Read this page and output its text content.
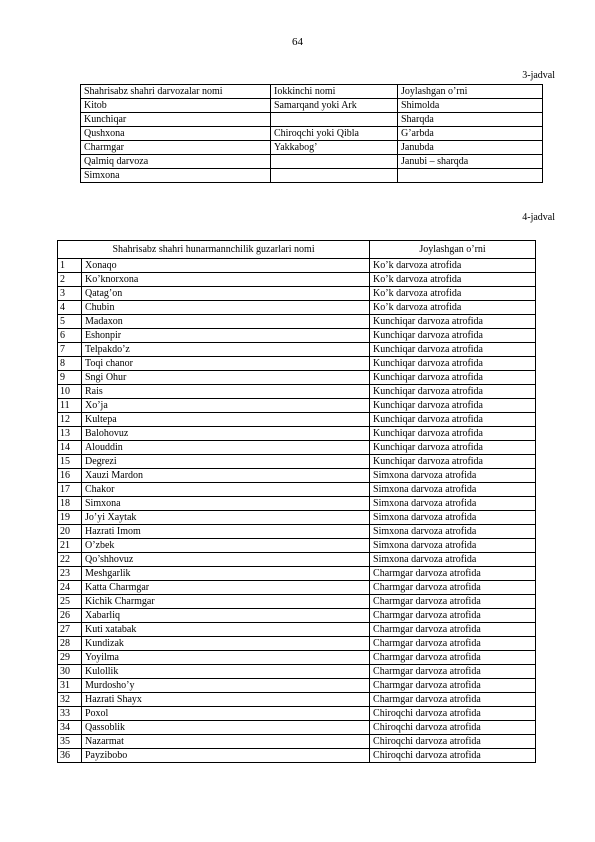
64
3-jadval
Shahrisabz shahri darvozalar nomi	Iokkinchi nomi	Joylashgan o’rni
Kitob	Samarqand yoki Ark	Shimolda
Kunchiqar		Sharqda
Qushxona	Chiroqchi yoki Qibla	G’arbda
Charmgar	Yakkabog’	Janubda
Qalmiq darvoza		Janubi – sharqda
Simxona		
4-jadval
Shahrisabz shahri hunarmannchilik guzarlari nomi		Joylashgan o’rni
1	Xonaqo	Ko’k darvoza atrofida
2	Ko’knorxona	Ko’k darvoza atrofida
3	Qatag’on	Ko’k darvoza atrofida
4	Chubin	Ko’k darvoza atrofida
5	Madaxon	Kunchiqar darvoza atrofida
6	Eshonpir	Kunchiqar darvoza atrofida
7	Telpakdo’z	Kunchiqar darvoza atrofida
8	Toqi chanor	Kunchiqar darvoza atrofida
9	Sngi Ohur	Kunchiqar darvoza atrofida
10	Rais	Kunchiqar darvoza atrofida
11	Xo’ja	Kunchiqar darvoza atrofida
12	Kultepa	Kunchiqar darvoza atrofida
13	Balohovuz	Kunchiqar darvoza atrofida
14	Alouddin	Kunchiqar darvoza atrofida
15	Degrezi	Kunchiqar darvoza atrofida
16	Xauzi Mardon	Simxona darvoza atrofida
17	Chakor	Simxona darvoza atrofida
18	Simxona	Simxona darvoza atrofida
19	Jo’yi Xaytak	Simxona darvoza atrofida
20	Hazrati Imom	Simxona darvoza atrofida
21	O’zbek	Simxona darvoza atrofida
22	Qo’shhovuz	Simxona darvoza atrofida
23	Meshgarlik	Charmgar darvoza atrofida
24	Katta Charmgar	Charmgar darvoza atrofida
25	Kichik Charmgar	Charmgar darvoza atrofida
26	Xabarliq	Charmgar darvoza atrofida
27	Kuti xatabak	Charmgar darvoza atrofida
28	Kundizak	Charmgar darvoza atrofida
29	Yoyilma	Charmgar darvoza atrofida
30	Kulollik	Charmgar darvoza atrofida
31	Murdosho’y	Charmgar darvoza atrofida
32	Hazrati Shayx	Charmgar darvoza atrofida
33	Poxol	Chiroqchi darvoza atrofida
34	Qassoblik	Chiroqchi darvoza atrofida
35	Nazarmat	Chiroqchi darvoza atrofida
36	Payzibobo	Chiroqchi darvoza atrofida
